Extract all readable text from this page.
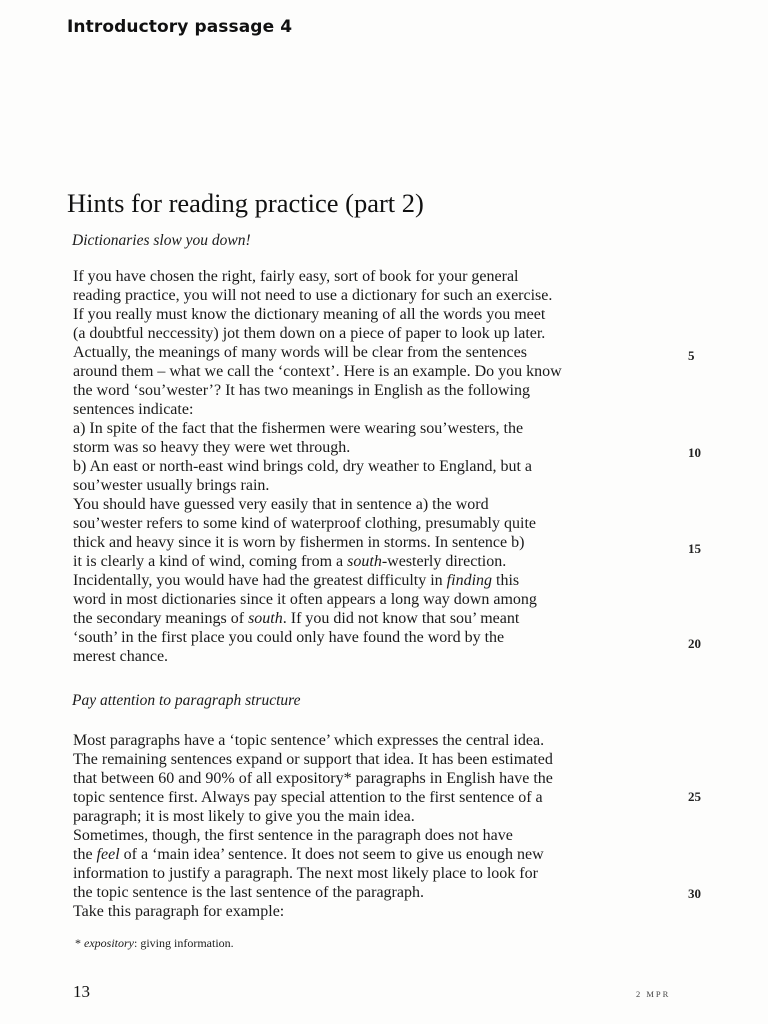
Introductory passage 4
Hints for reading practice (part 2)
Dictionaries slow you down!
If you have chosen the right, fairly easy, sort of book for your general
reading practice, you will not need to use a dictionary for such an exercise.
If you really must know the dictionary meaning of all the words you meet
(a doubtful neccessity) jot them down on a piece of paper to look up later.
Actually, the meanings of many words will be clear from the sentences
around them – what we call the ‘context’. Here is an example. Do you know
the word ‘sou’wester’? It has two meanings in English as the following
sentences indicate:
a) In spite of the fact that the fishermen were wearing sou’westers, the
storm was so heavy they were wet through.
b) An east or north-east wind brings cold, dry weather to England, but a
sou’wester usually brings rain.
You should have guessed very easily that in sentence a) the word
sou’wester refers to some kind of waterproof clothing, presumably quite
thick and heavy since it is worn by fishermen in storms. In sentence b)
it is clearly a kind of wind, coming from a south-westerly direction.
Incidentally, you would have had the greatest difficulty in finding this
word in most dictionaries since it often appears a long way down among
the secondary meanings of south. If you did not know that sou’ meant
‘south’ in the first place you could only have found the word by the
merest chance.
Pay attention to paragraph structure
Most paragraphs have a ‘topic sentence’ which expresses the central idea.
The remaining sentences expand or support that idea. It has been estimated
that between 60 and 90% of all expository* paragraphs in English have the
topic sentence first. Always pay special attention to the first sentence of a
paragraph; it is most likely to give you the main idea.
Sometimes, though, the first sentence in the paragraph does not have
the feel of a ‘main idea’ sentence. It does not seem to give us enough new
information to justify a paragraph. The next most likely place to look for
the topic sentence is the last sentence of the paragraph.
Take this paragraph for example:
5
10
15
20
25
30
* expository: giving information.
13	2 MPR
